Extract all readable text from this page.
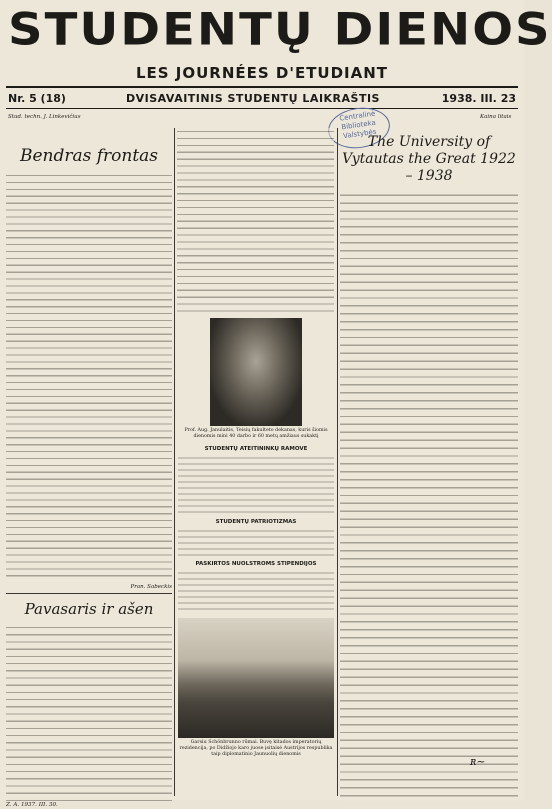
STUDENTŲ DIENOS
LES JOURNÉES D'ETUDIANT
Nr. 5 (18)	DVISAVAITINIS STUDENTŲ LAIKRAŠTIS	1938. III. 23
Stud. techn. J. Linkevičius	Kaina litais
Centralinė Biblioteka Valstybės
Bendras frontas
Pran. Sabeckis
Pavasaris ir ašen
Z. A. 1937. III. 30.
Prof. Aug. Janulaitis, Teisių fakulteto dekanas, kuris šiomis dienomis mini 40 darbo ir 60 metų amžiaus sukaktį
STUDENTŲ ATEITININKŲ RAMOVE
STUDENTŲ PATRIOTIZMAS
PASKIRTOS NUOLSTROMS STIPENDIJOS
Garsiu Schönbrunno rūmai. Buvę kitados imperatorių rezidencija, po Didžiojo karo juose įsitaisė Austrijos respublika taip diplomatinio Jaunuolių dienomis
The University of Vytautas the Great 1922 – 1938
ʀ~
